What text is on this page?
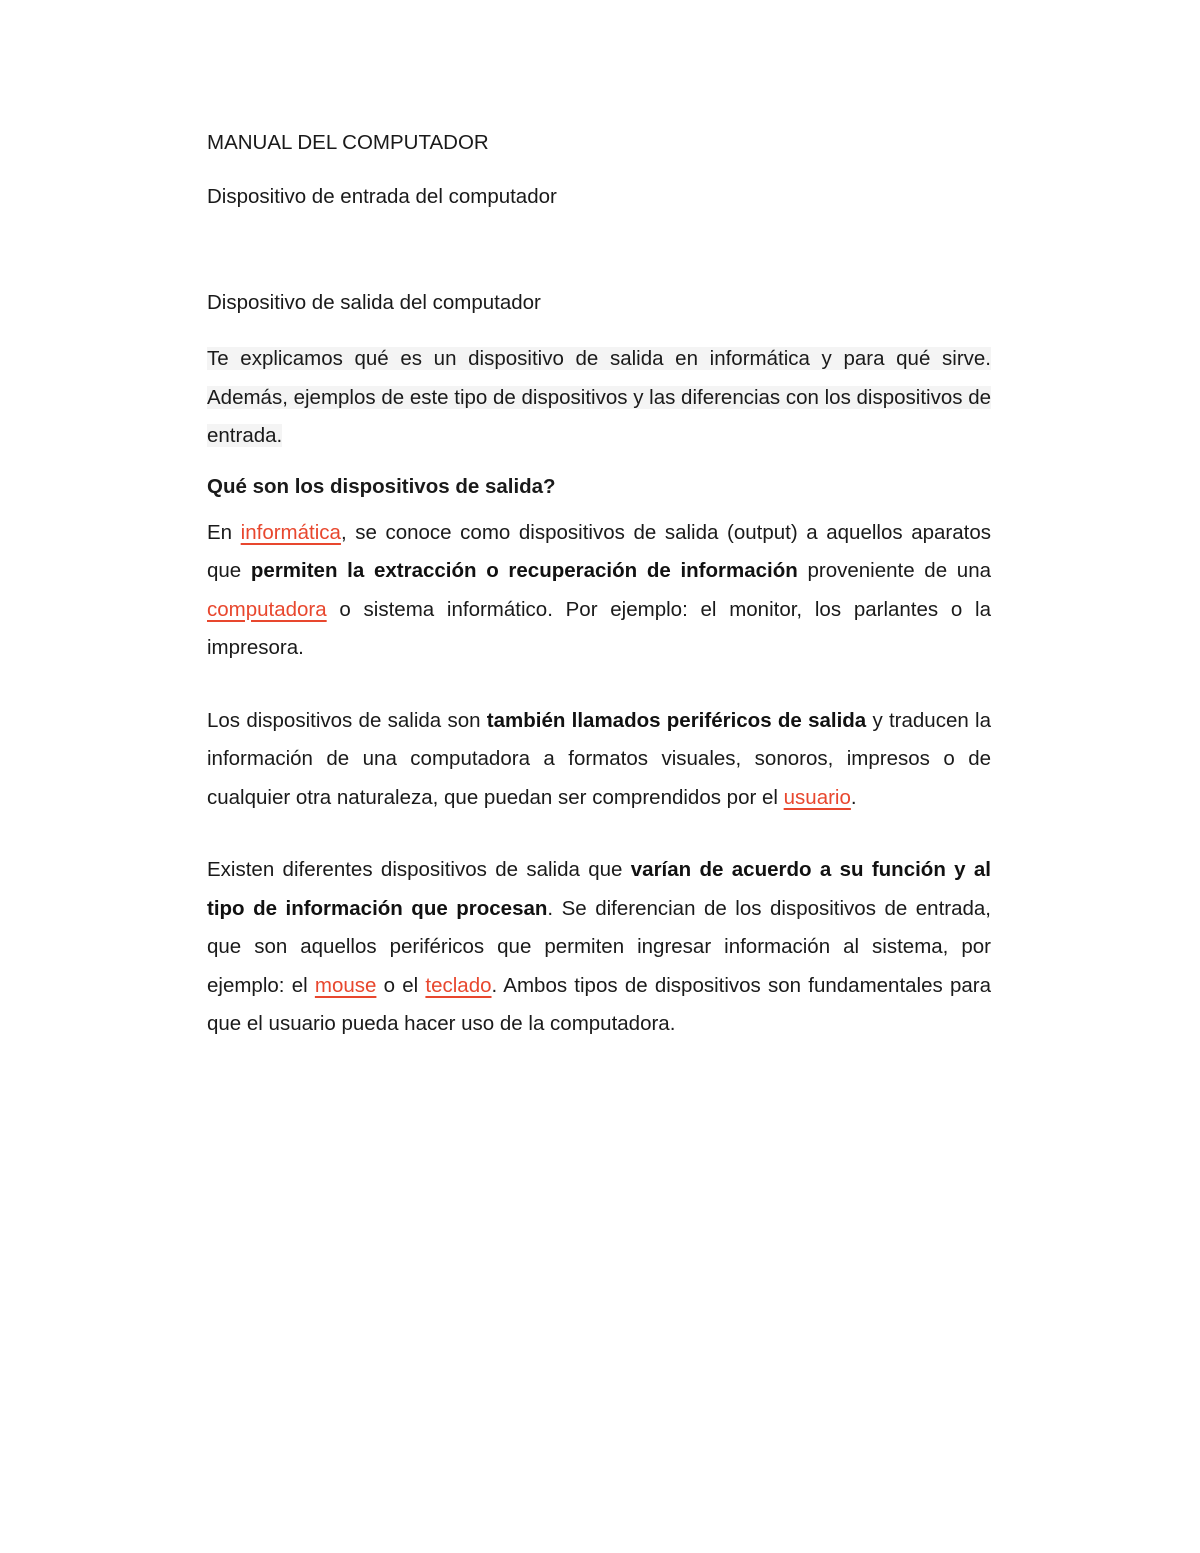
MANUAL DEL COMPUTADOR

Dispositivo de entrada del computador

Dispositivo de salida del computador

Te explicamos qué es un dispositivo de salida en informática y para qué sirve. Además, ejemplos de este tipo de dispositivos y las diferencias con los dispositivos de entrada.

Qué son los dispositivos de salida?

En informática, se conoce como dispositivos de salida (output) a aquellos aparatos que permiten la extracción o recuperación de información proveniente de una computadora o sistema informático. Por ejemplo: el monitor, los parlantes o la impresora.

Los dispositivos de salida son también llamados periféricos de salida y traducen la información de una computadora a formatos visuales, sonoros, impresos o de cualquier otra naturaleza, que puedan ser comprendidos por el usuario.

Existen diferentes dispositivos de salida que varían de acuerdo a su función y al tipo de información que procesan. Se diferencian de los dispositivos de entrada, que son aquellos periféricos que permiten ingresar información al sistema, por ejemplo: el mouse o el teclado. Ambos tipos de dispositivos son fundamentales para que el usuario pueda hacer uso de la computadora.
